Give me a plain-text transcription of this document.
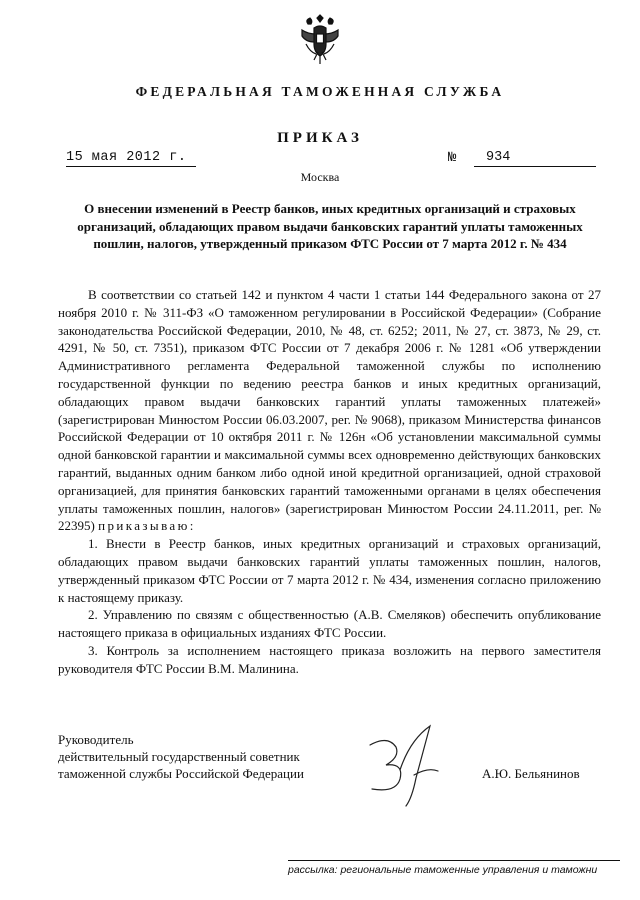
ФЕДЕРАЛЬНАЯ ТАМОЖЕННАЯ СЛУЖБА
ПРИКАЗ
15 мая 2012 г.	№	934
Москва
О внесении изменений в Реестр банков, иных кредитных организаций и страховых организаций, обладающих правом выдачи банковских гарантий уплаты таможенных пошлин, налогов, утвержденный приказом ФТС России от 7 марта 2012 г. № 434

В соответствии со статьей 142 и пунктом 4 части 1 статьи 144 Федерального закона от 27 ноября 2010 г. № 311-ФЗ «О таможенном регулировании в Российской Федерации» (Собрание законодательства Российской Федерации, 2010, № 48, ст. 6252; 2011, № 27, ст. 3873, № 29, ст. 4291, № 50, ст. 7351), приказом ФТС России от 7 декабря 2006 г. № 1281 «Об утверждении Административного регламента Федеральной таможенной службы по исполнению государственной функции по ведению реестра банков и иных кредитных организаций, обладающих правом выдачи банковских гарантий уплаты таможенных платежей» (зарегистрирован Минюстом России 06.03.2007, рег. № 9068), приказом Министерства финансов Российской Федерации от 10 октября 2011 г. № 126н «Об установлении максимальной суммы одной банковской гарантии и максимальной суммы всех одновременно действующих банковских гарантий, выданных одним банком либо одной иной кредитной организацией, одной страховой организацией, для принятия банковских гарантий таможенными органами в целях обеспечения уплаты таможенных пошлин, налогов» (зарегистрирован Минюстом России 24.11.2011, рег. № 22395) приказываю:

1. Внести в Реестр банков, иных кредитных организаций и страховых организаций, обладающих правом выдачи банковских гарантий уплаты таможенных пошлин, налогов, утвержденный приказом ФТС России от 7 марта 2012 г. № 434, изменения согласно приложению к настоящему приказу.

2. Управлению по связям с общественностью (А.В. Смеляков) обеспечить опубликование настоящего приказа в официальных изданиях ФТС России.

3. Контроль за исполнением настоящего приказа возложить на первого заместителя руководителя ФТС России В.М. Малинина.

Руководитель
действительный государственный советник
таможенной службы Российской Федерации	А.Ю. Бельянинов
рассылка: региональные таможенные управления и таможни
